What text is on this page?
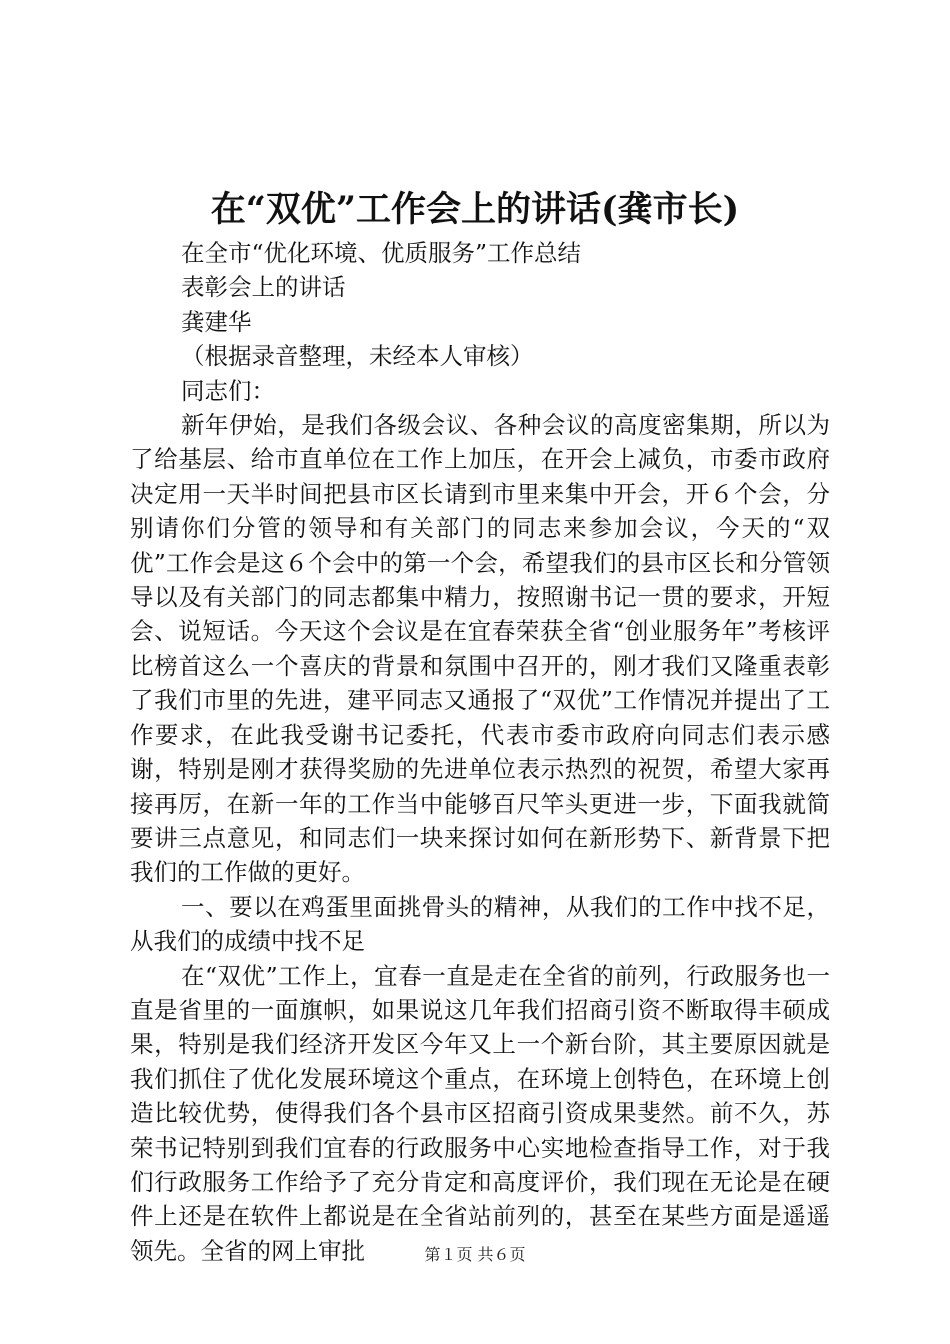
在“双优”工作会上的讲话(龚市长)

在全市“优化环境、优质服务”工作总结

表彰会上的讲话

龚建华

（根据录音整理，未经本人审核）

同志们：

新年伊始，是我们各级会议、各种会议的高度密集期，所以为了给基层、给市直单位在工作上加压，在开会上减负，市委市政府决定用一天半时间把县市区长请到市里来集中开会，开６个会，分别请你们分管的领导和有关部门的同志来参加会议，今天的“双优”工作会是这６个会中的第一个会，希望我们的县市区长和分管领导以及有关部门的同志都集中精力，按照谢书记一贯的要求，开短会、说短话。今天这个会议是在宜春荣获全省“创业服务年”考核评比榜首这么一个喜庆的背景和氛围中召开的，刚才我们又隆重表彰了我们市里的先进，建平同志又通报了“双优”工作情况并提出了工作要求，在此我受谢书记委托，代表市委市政府向同志们表示感谢，特别是刚才获得奖励的先进单位表示热烈的祝贺，希望大家再接再厉，在新一年的工作当中能够百尺竿头更进一步，下面我就简要讲三点意见，和同志们一块来探讨如何在新形势下、新背景下把我们的工作做的更好。

一、要以在鸡蛋里面挑骨头的精神，从我们的工作中找不足，从我们的成绩中找不足

在“双优”工作上，宜春一直是走在全省的前列，行政服务也一直是省里的一面旗帜，如果说这几年我们招商引资不断取得丰硕成果，特别是我们经济开发区今年又上一个新台阶，其主要原因就是我们抓住了优化发展环境这个重点，在环境上创特色，在环境上创造比较优势，使得我们各个县市区招商引资成果斐然。前不久，苏荣书记特别到我们宜春的行政服务中心实地检查指导工作，对于我们行政服务工作给予了充分肯定和高度评价，我们现在无论是在硬件上还是在软件上都说是在全省站前列的，甚至在某些方面是遥遥领先。全省的网上审批	第１页 共６页
